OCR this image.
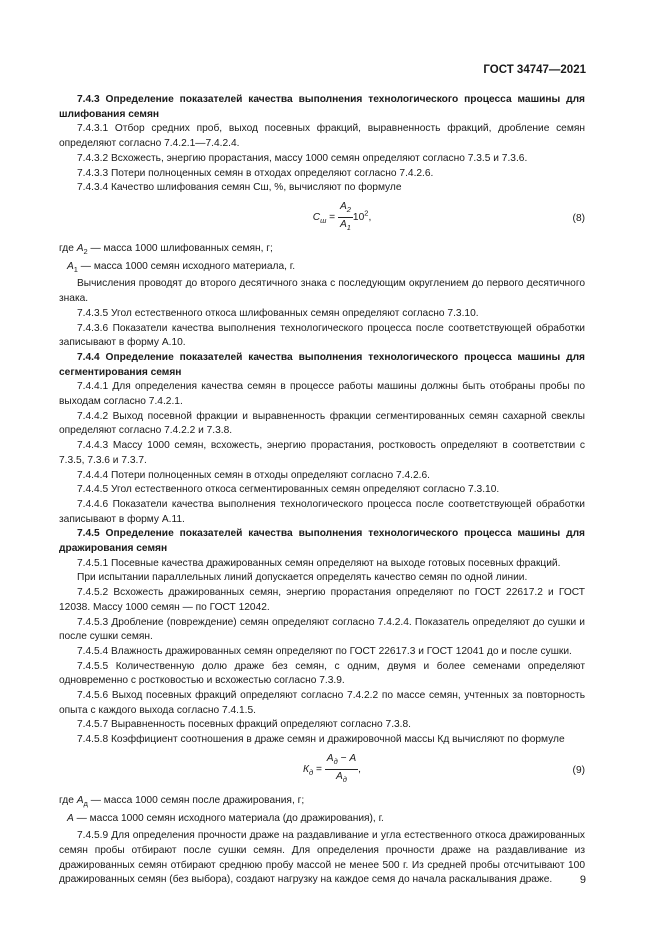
ГОСТ 34747—2021

7.4.3 Определение показателей качества выполнения технологического процесса машины для шлифования семян

7.4.3.1 Отбор средних проб, выход посевных фракций, выравненность фракций, дробление семян определяют согласно 7.4.2.1—7.4.2.4.

7.4.3.2 Всхожесть, энергию прорастания, массу 1000 семян определяют согласно 7.3.5 и 7.3.6.

7.4.3.3 Потери полноценных семян в отходах определяют согласно 7.4.2.6.

7.4.3.4 Качество шлифования семян Сш, %, вычисляют по формуле

$С_ш = \frac{А_2}{А_1} 10^2$,	(8)

где $А_2$ — масса 1000 шлифованных семян, г;

$А_1$ — масса 1000 семян исходного материала, г.

Вычисления проводят до второго десятичного знака с последующим округлением до первого десятичного знака.

7.4.3.5 Угол естественного откоса шлифованных семян определяют согласно 7.3.10.

7.4.3.6 Показатели качества выполнения технологического процесса после соответствующей обработки записывают в форму А.10.

7.4.4 Определение показателей качества выполнения технологического процесса машины для сегментирования семян

7.4.4.1 Для определения качества семян в процессе работы машины должны быть отобраны пробы по выходам согласно 7.4.2.1.

7.4.4.2 Выход посевной фракции и выравненность фракции сегментированных семян сахарной свеклы определяют согласно 7.4.2.2 и 7.3.8.

7.4.4.3 Массу 1000 семян, всхожесть, энергию прорастания, ростковость определяют в соответствии с 7.3.5, 7.3.6 и 7.3.7.

7.4.4.4 Потери полноценных семян в отходы определяют согласно 7.4.2.6.

7.4.4.5 Угол естественного откоса сегментированных семян определяют согласно 7.3.10.

7.4.4.6 Показатели качества выполнения технологического процесса после соответствующей обработки записывают в форму А.11.

7.4.5 Определение показателей качества выполнения технологического процесса машины для дражирования семян

7.4.5.1 Посевные качества дражированных семян определяют на выходе готовых посевных фракций.

При испытании параллельных линий допускается определять качество семян по одной линии.

7.4.5.2 Всхожесть дражированных семян, энергию прорастания определяют по ГОСТ 22617.2 и ГОСТ 12038. Массу 1000 семян — по ГОСТ 12042.

7.4.5.3 Дробление (повреждение) семян определяют согласно 7.4.2.4. Показатель определяют до сушки и после сушки семян.

7.4.5.4 Влажность дражированных семян определяют по ГОСТ 22617.3 и ГОСТ 12041 до и после сушки.

7.4.5.5 Количественную долю драже без семян, с одним, двумя и более семенами определяют одновременно с ростковостью и всхожестью согласно 7.3.9.

7.4.5.6 Выход посевных фракций определяют согласно 7.4.2.2 по массе семян, учтенных за повторность опыта с каждого выхода согласно 7.4.1.5.

7.4.5.7 Выравненность посевных фракций определяют согласно 7.3.8.

7.4.5.8 Коэффициент соотношения в драже семян и дражировочной массы Кд вычисляют по формуле

$К_д = \frac{А_д - А}{А_д}$ ,	(9)

где $А_д$ — масса 1000 семян после дражирования, г;

А — масса 1000 семян исходного материала (до дражирования), г.

7.4.5.9 Для определения прочности драже на раздавливание и угла естественного откоса дражированных семян пробы отбирают после сушки семян. Для определения прочности драже на раздавливание из дражированных семян отбирают среднюю пробу массой не менее 500 г. Из средней пробы отсчитывают 100 дражированных семян (без выбора), создают нагрузку на каждое семя до начала раскалывания драже.	9
